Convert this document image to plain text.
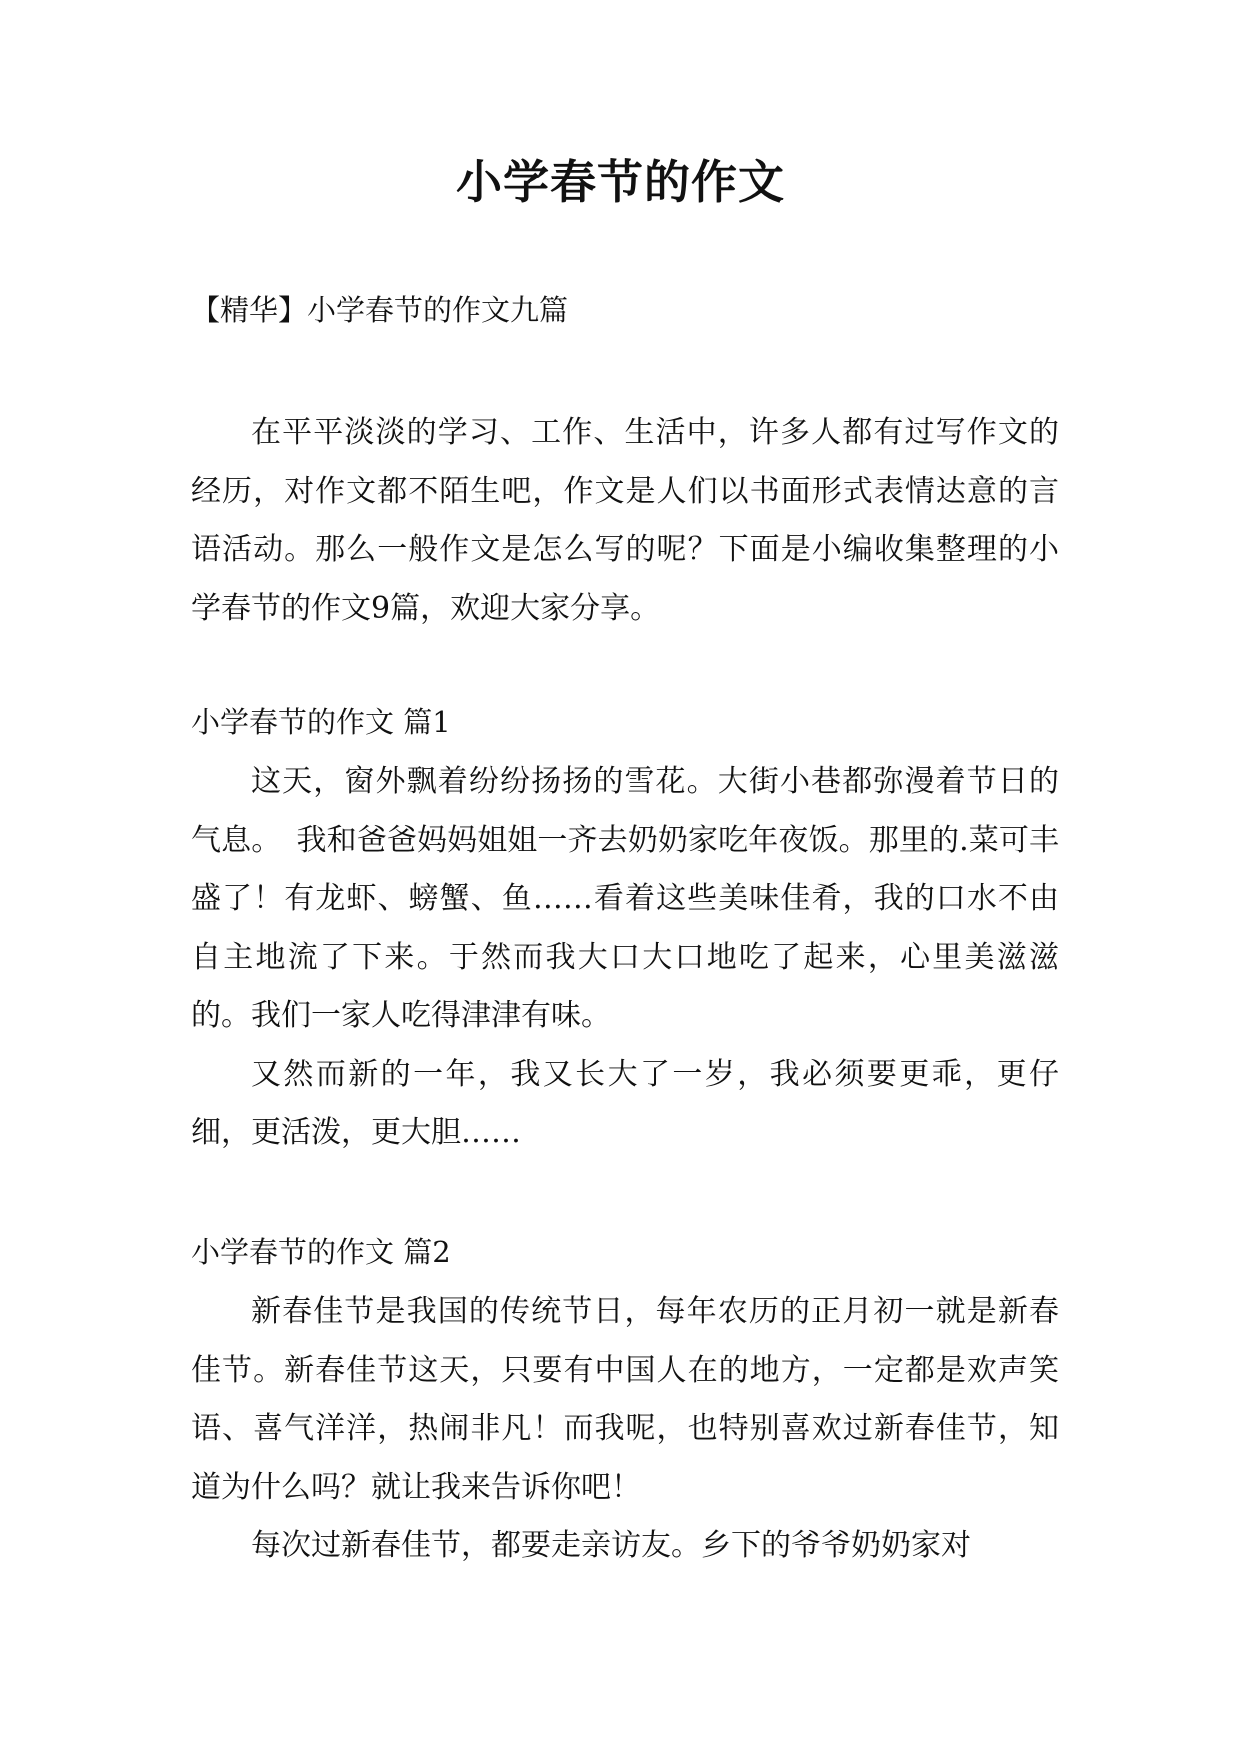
小学春节的作文
【精华】小学春节的作文九篇

在平平淡淡的学习、工作、生活中，许多人都有过写作文的经历，对作文都不陌生吧，作文是人们以书面形式表情达意的言语活动。那么一般作文是怎么写的呢？下面是小编收集整理的小学春节的作文9篇，欢迎大家分享。

小学春节的作文 篇1

这天，窗外飘着纷纷扬扬的雪花。大街小巷都弥漫着节日的气息。　我和爸爸妈妈姐姐一齐去奶奶家吃年夜饭。那里的.菜可丰盛了！有龙虾、螃蟹、鱼……看着这些美味佳肴，我的口水不由自主地流了下来。于然而我大口大口地吃了起来，心里美滋滋的。我们一家人吃得津津有味。

又然而新的一年，我又长大了一岁，我必须要更乖，更仔细，更活泼，更大胆……

小学春节的作文 篇2

新春佳节是我国的传统节日，每年农历的正月初一就是新春佳节。新春佳节这天，只要有中国人在的地方，一定都是欢声笑语、喜气洋洋，热闹非凡！而我呢，也特别喜欢过新春佳节，知道为什么吗？就让我来告诉你吧！

每次过新春佳节，都要走亲访友。乡下的爷爷奶奶家对
